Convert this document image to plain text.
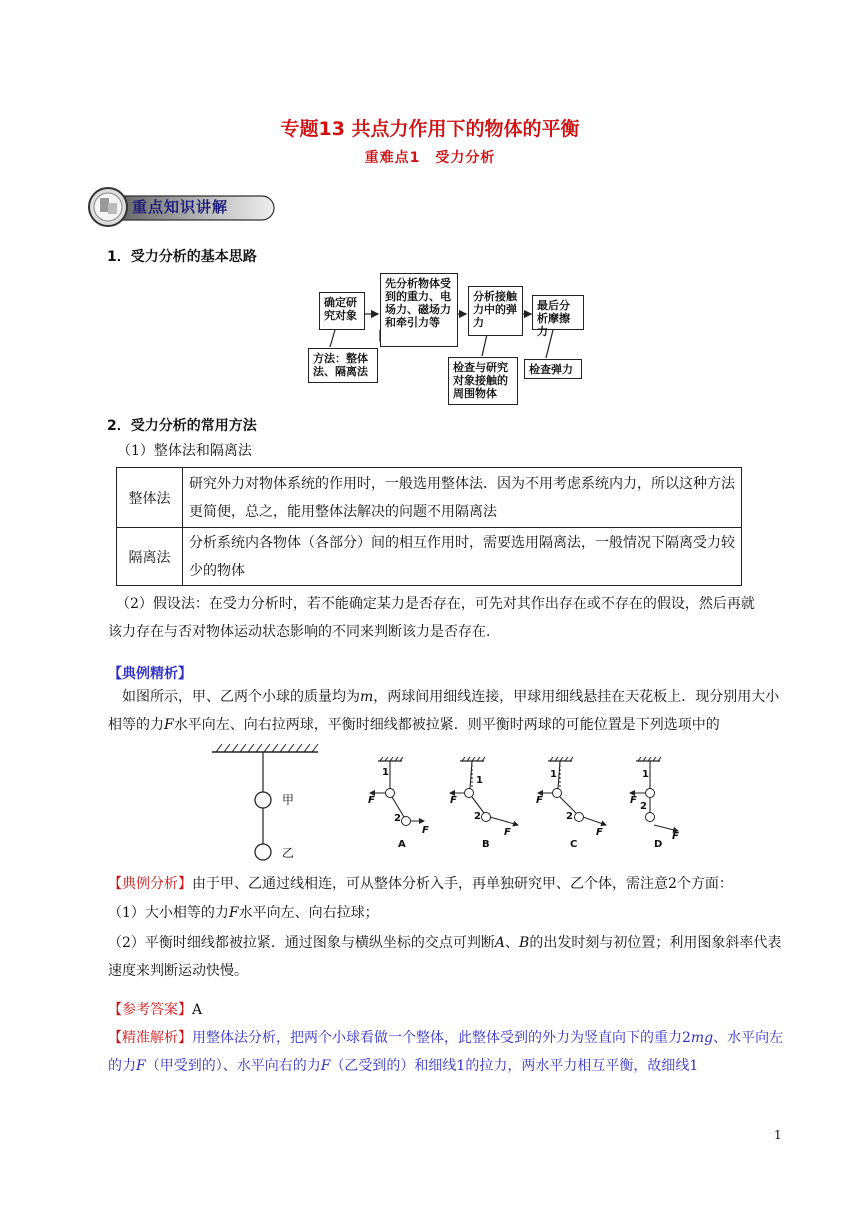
专题13 共点力作用下的物体的平衡
重难点1　受力分析
重点知识讲解
1．受力分析的基本思路
确定研究对象
先分析物体受到的重力、电场力、磁场力和牵引力等
分析接触力中的弹力
最后分析摩擦力
方法：整体法、隔离法	检查与研究对象接触的周围物体
检查弹力
2．受力分析的常用方法
（1）整体法和隔离法
整体法	研究外力对物体系统的作用时，一般选用整体法．因为不用考虑系统内力，所以这种方法更简便，总之，能用整体法解决的问题不用隔离法
隔离法	分析系统内各物体（各部分）间的相互作用时，需要选用隔离法，一般情况下隔离受力较少的物体
（2）假设法：在受力分析时，若不能确定某力是否存在，可先对其作出存在或不存在的假设，然后再就该力存在与否对物体运动状态影响的不同来判断该力是否存在．
【典例精析】
如图所示，甲、乙两个小球的质量均为m，两球间用细线连接，甲球用细线悬挂在天花板上．现分别用大小相等的力F水平向左、向右拉两球，平衡时细线都被拉紧．则平衡时两球的可能位置是下列选项中的
甲
乙
1
F
2
F
A
1
F
2
F
B
1
F
2
F
C
1
F
2
F
D
【典例分析】由于甲、乙通过线相连，可从整体分析入手，再单独研究甲、乙个体，需注意2个方面：
（1）大小相等的力F水平向左、向右拉球；
（2）平衡时细线都被拉紧．通过图象与横纵坐标的交点可判断A、B的出发时刻与初位置；利用图象斜率代表速度来判断运动快慢。
【参考答案】A
【精准解析】用整体法分析，把两个小球看做一个整体，此整体受到的外力为竖直向下的重力2mg、水平向左的力F（甲受到的）、水平向右的力F（乙受到的）和细线1的拉力，两水平力相互平衡，故细线1
1
